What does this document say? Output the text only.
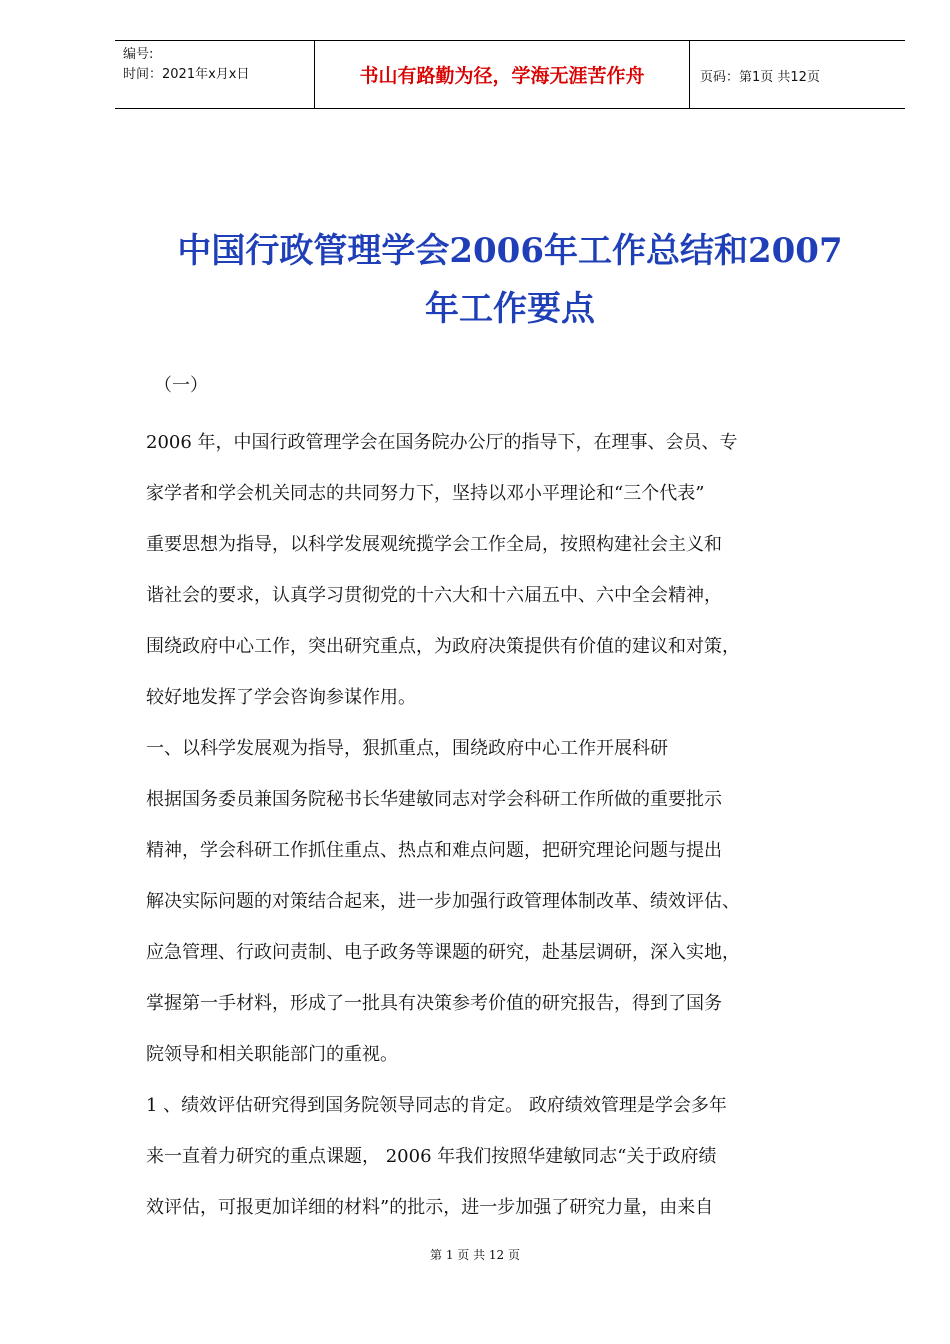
编号:
时间：2021年x月x日	书山有路勤为径，学海无涯苦作舟	页码：第1页 共12页
中国行政管理学会2006年工作总结和2007
年工作要点

（一）

2006 年，中国行政管理学会在国务院办公厅的指导下，在理事、会员、专

家学者和学会机关同志的共同努力下，坚持以邓小平理论和“三个代表”

重要思想为指导，以科学发展观统揽学会工作全局，按照构建社会主义和

谐社会的要求，认真学习贯彻党的十六大和十六届五中、六中全会精神，

围绕政府中心工作，突出研究重点，为政府决策提供有价值的建议和对策，

较好地发挥了学会咨询参谋作用。

一、以科学发展观为指导，狠抓重点，围绕政府中心工作开展科研

根据国务委员兼国务院秘书长华建敏同志对学会科研工作所做的重要批示

精神，学会科研工作抓住重点、热点和难点问题，把研究理论问题与提出

解决实际问题的对策结合起来，进一步加强行政管理体制改革、绩效评估、

应急管理、行政问责制、电子政务等课题的研究，赴基层调研，深入实地，

掌握第一手材料，形成了一批具有决策参考价值的研究报告，得到了国务

院领导和相关职能部门的重视。

1 、绩效评估研究得到国务院领导同志的肯定。 政府绩效管理是学会多年

来一直着力研究的重点课题， 2006 年我们按照华建敏同志“关于政府绩

效评估，可报更加详细的材料”的批示，进一步加强了研究力量，由来自

第 1 页 共 12 页
